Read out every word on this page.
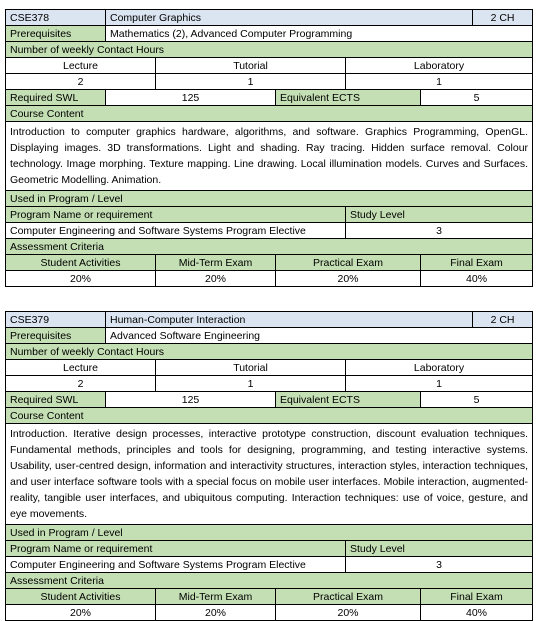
CSE378	Computer Graphics					2 CH
Prerequisites	Mathematics (2), Advanced Computer Programming					
Number of weekly Contact Hours						
Lecture		Tutorial		Laboratory		
2		1		1		
Required SWL	125		Equivalent ECTS		5	
Course Content						
Introduction to computer graphics hardware, algorithms, and software. Graphics Programming, OpenGL. Displaying images. 3D transformations. Light and shading. Ray tracing. Hidden surface removal. Colour technology. Image morphing. Texture mapping. Line drawing. Local illumination models. Curves and Surfaces. Geometric Modelling. Animation.						
Used in Program / Level						
Program Name or requirement				Study Level		
Computer Engineering and Software Systems Program Elective				3		
Assessment Criteria						
Student Activities		Mid-Term Exam	Practical Exam		Final Exam	
20%		20%	20%		40%	
CSE379	Human-Computer Interaction					2 CH
Prerequisites	Advanced Software Engineering					
Number of weekly Contact Hours						
Lecture		Tutorial		Laboratory		
2		1		1		
Required SWL	125		Equivalent ECTS		5	
Course Content						
Introduction. Iterative design processes, interactive prototype construction, discount evaluation techniques. Fundamental methods, principles and tools for designing, programming, and testing interactive systems. Usability, user-centred design, information and interactivity structures, interaction styles, interaction techniques, and user interface software tools with a special focus on mobile user interfaces. Mobile interaction, augmented-reality, tangible user interfaces, and ubiquitous computing. Interaction techniques: use of voice, gesture, and eye movements.						
Used in Program / Level						
Program Name or requirement				Study Level		
Computer Engineering and Software Systems Program Elective				3		
Assessment Criteria						
Student Activities		Mid-Term Exam	Practical Exam		Final Exam	
20%		20%	20%		40%	
